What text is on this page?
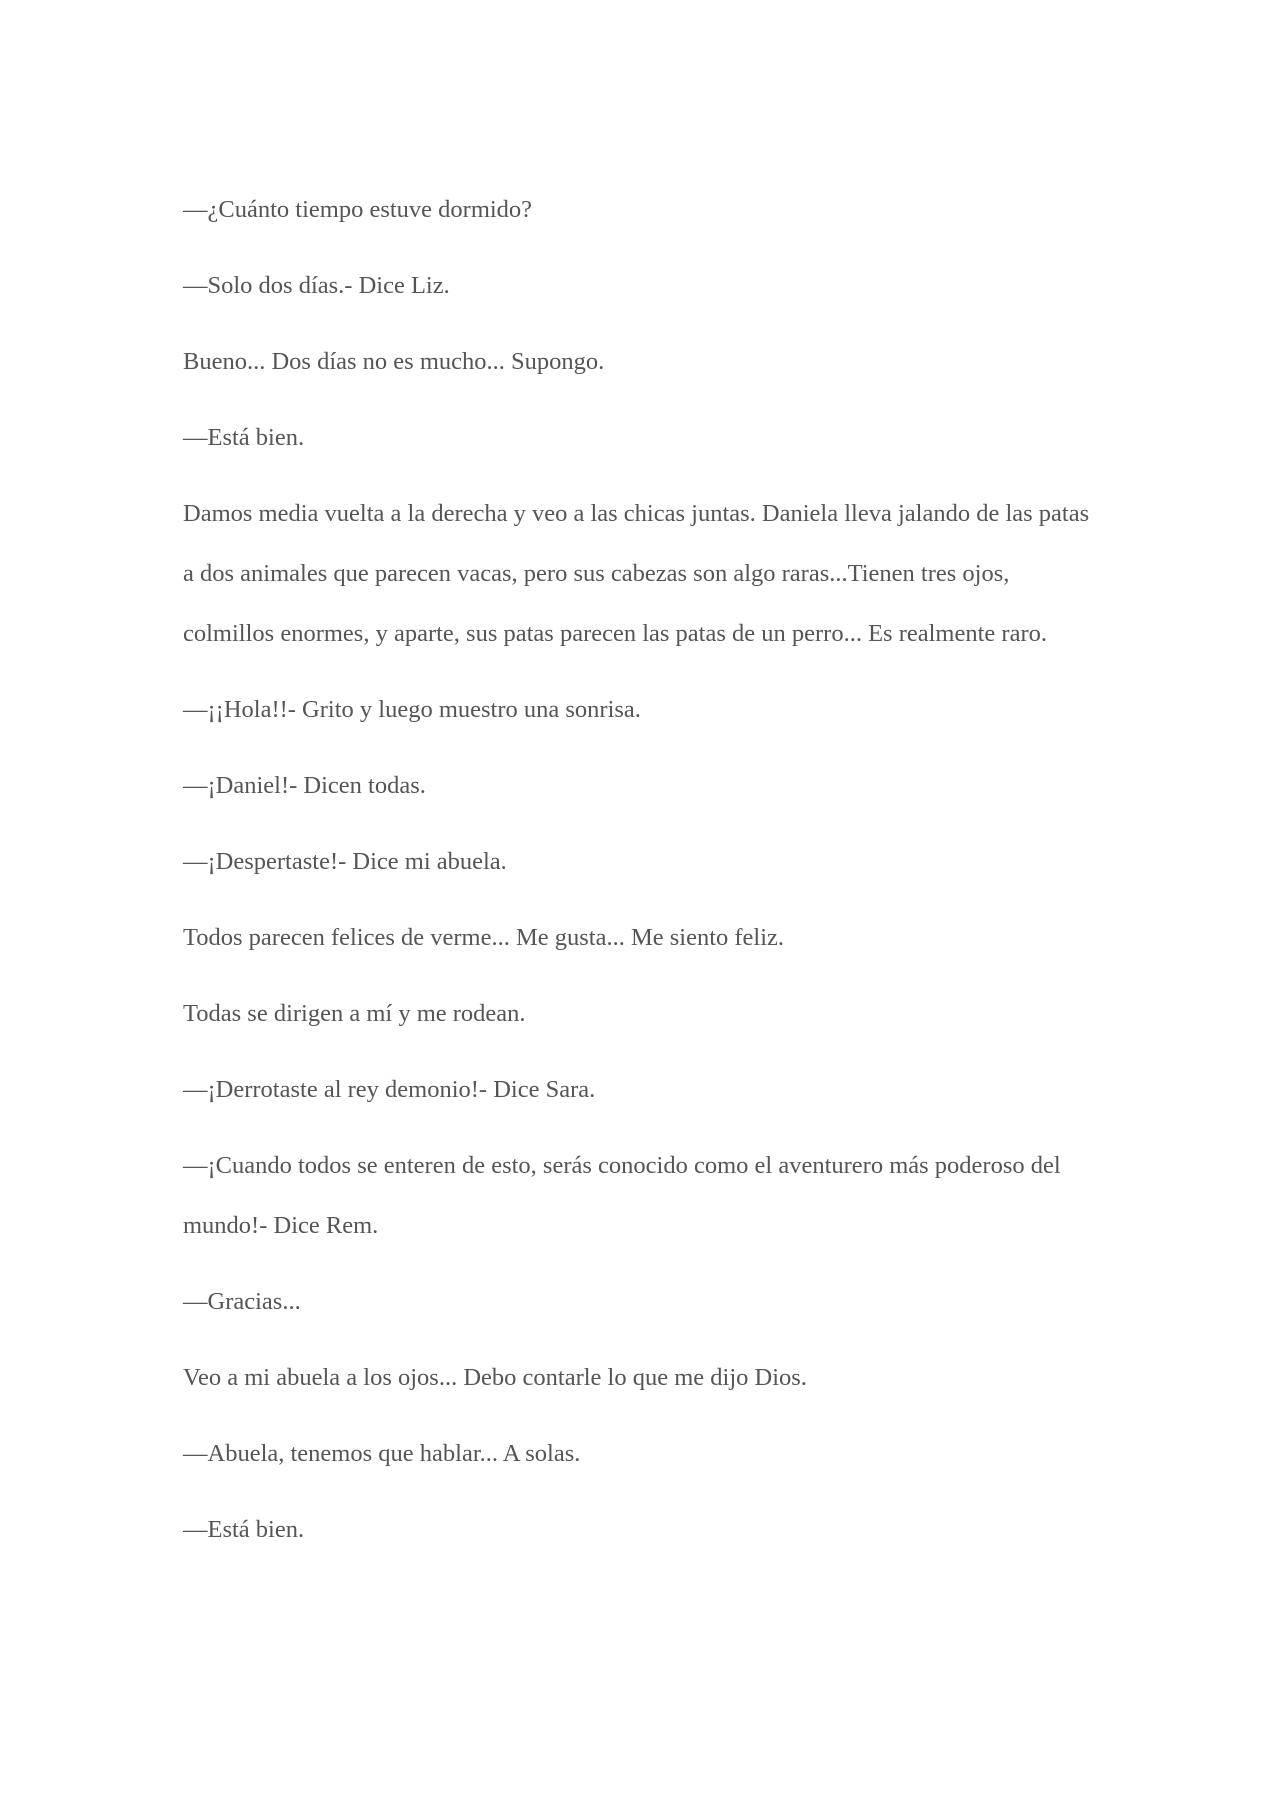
—¿Cuánto tiempo estuve dormido?

—Solo dos días.- Dice Liz.

Bueno... Dos días no es mucho... Supongo.

—Está bien.

Damos media vuelta a la derecha y veo a las chicas juntas. Daniela lleva jalando de las patas a dos animales que parecen vacas, pero sus cabezas son algo raras...Tienen tres ojos, colmillos enormes, y aparte, sus patas parecen las patas de un perro... Es realmente raro.

—¡¡Hola!!- Grito y luego muestro una sonrisa.

—¡Daniel!- Dicen todas.

—¡Despertaste!- Dice mi abuela.

Todos parecen felices de verme... Me gusta... Me siento feliz.

Todas se dirigen a mí y me rodean.

—¡Derrotaste al rey demonio!- Dice Sara.

—¡Cuando todos se enteren de esto, serás conocido como el aventurero más poderoso del mundo!- Dice Rem.

—Gracias...

Veo a mi abuela a los ojos... Debo contarle lo que me dijo Dios.

—Abuela, tenemos que hablar... A solas.

—Está bien.
